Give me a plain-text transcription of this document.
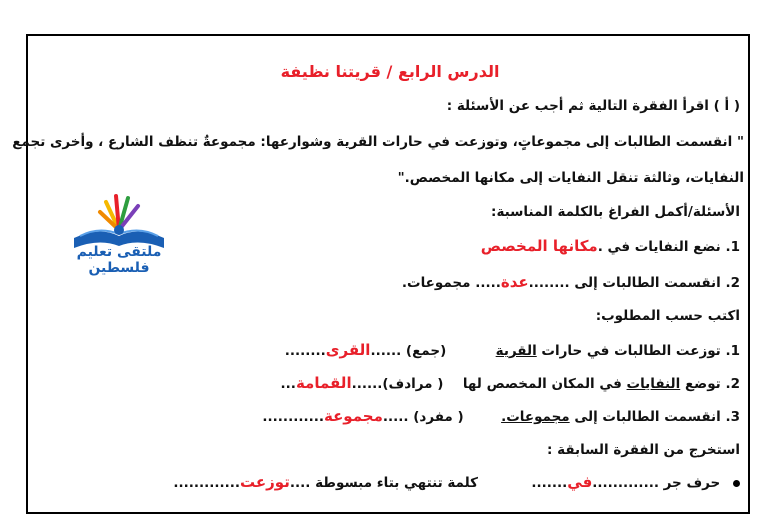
الدرس الرابع / قريتنا نظيفة
( أ ) اقرأ الفقرة التالية ثم أجب عن الأسئلة :
" انقسمت الطالبات إلى مجموعاتٍ، وتوزعت في حارات القرية وشوارعها: مجموعةٌ تنظف الشارع ، وأخرى تجمع
النفايات، وثالثة تنقل النفايات إلى مكانها المخصص."
الأسئلة/أكمل الفراغ بالكلمة المناسبة:
1. نضع النفايات في .مكانها المخصص
2. انقسمت الطالبات إلى ........عدة..... مجموعات.
اكتب حسب المطلوب:
1. توزعت الطالبات في حارات القرية  (جمع) ......القرى........
2. توضع النفايات في المكان المخصص لها  ( مرادف)......القمامة...
3. انقسمت الطالبات إلى مجموعات.  ( مفرد) .....مجموعة............
استخرج من الفقرة السابقة :
حرف جر .............في.......  كلمة تنتهي بتاء مبسوطة ....توزعت.............
ملتقى تعليم فلسطين
